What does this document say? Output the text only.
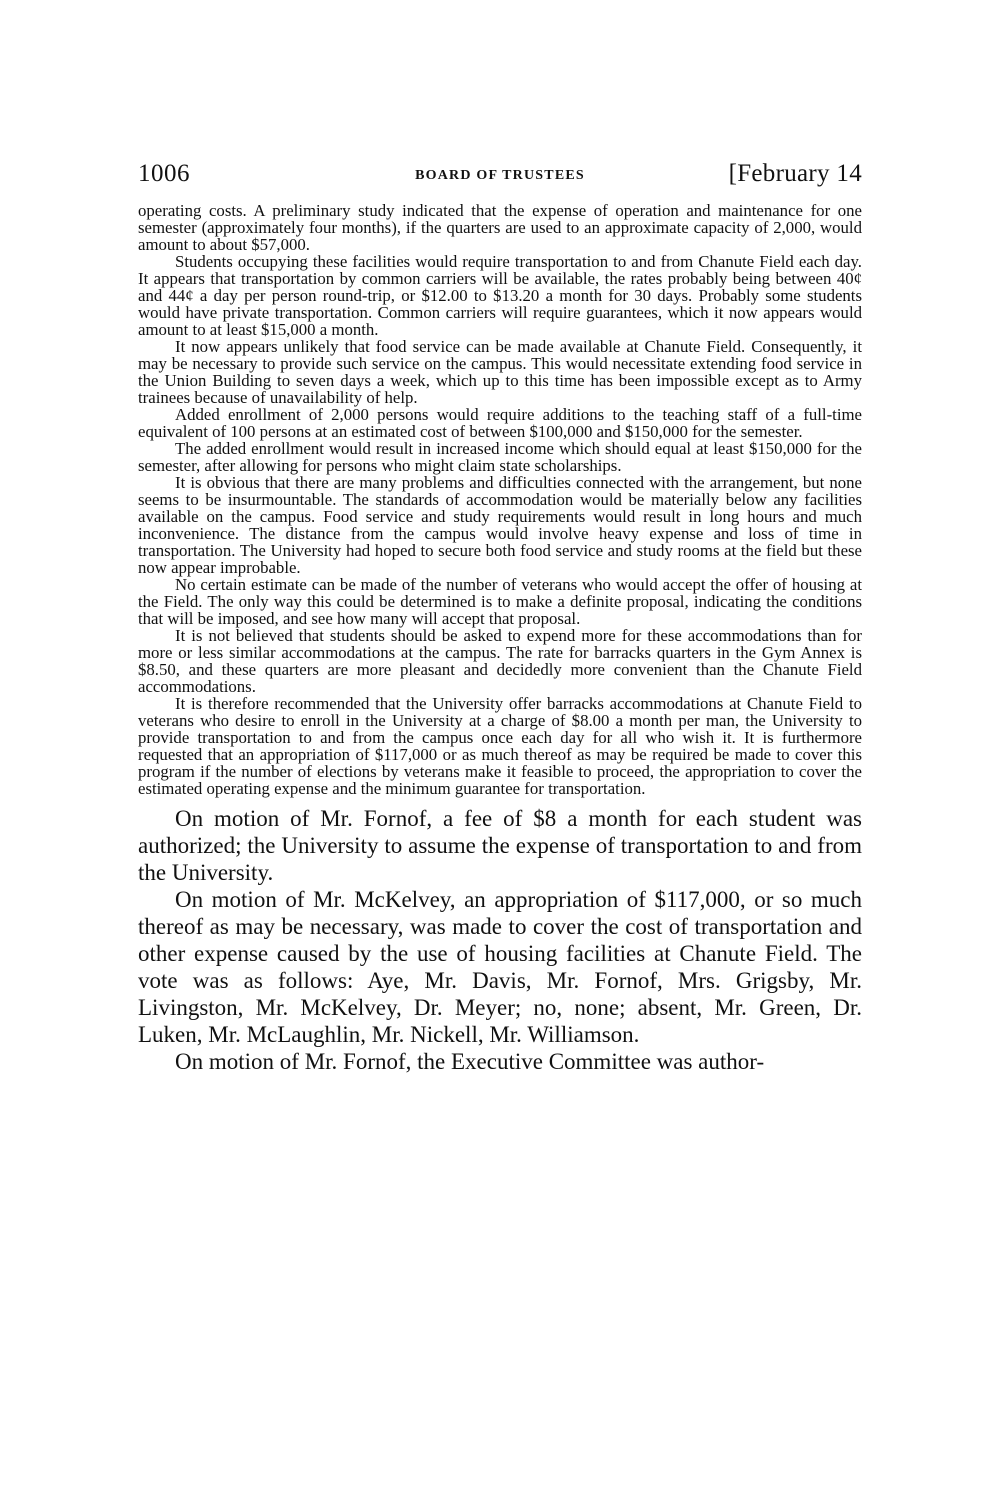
1006	BOARD OF TRUSTEES	[February 14

operating costs. A preliminary study indicated that the expense of operation and maintenance for one semester (approximately four months), if the quarters are used to an approximate capacity of 2,000, would amount to about $57,000.

Students occupying these facilities would require transportation to and from Chanute Field each day. It appears that transportation by common carriers will be available, the rates probably being between 40¢ and 44¢ a day per person round-trip, or $12.00 to $13.20 a month for 30 days. Probably some students would have private transportation. Common carriers will require guarantees, which it now appears would amount to at least $15,000 a month.

It now appears unlikely that food service can be made available at Chanute Field. Consequently, it may be necessary to provide such service on the campus. This would necessitate extending food service in the Union Building to seven days a week, which up to this time has been impossible except as to Army trainees because of unavailability of help.

Added enrollment of 2,000 persons would require additions to the teaching staff of a full-time equivalent of 100 persons at an estimated cost of between $100,000 and $150,000 for the semester.

The added enrollment would result in increased income which should equal at least $150,000 for the semester, after allowing for persons who might claim state scholarships.

It is obvious that there are many problems and difficulties connected with the arrangement, but none seems to be insurmountable. The standards of accommodation would be materially below any facilities available on the campus. Food service and study requirements would result in long hours and much inconvenience. The distance from the campus would involve heavy expense and loss of time in transportation. The University had hoped to secure both food service and study rooms at the field but these now appear improbable.

No certain estimate can be made of the number of veterans who would accept the offer of housing at the Field. The only way this could be determined is to make a definite proposal, indicating the conditions that will be imposed, and see how many will accept that proposal.

It is not believed that students should be asked to expend more for these accommodations than for more or less similar accommodations at the campus. The rate for barracks quarters in the Gym Annex is $8.50, and these quarters are more pleasant and decidedly more convenient than the Chanute Field accommodations.

It is therefore recommended that the University offer barracks accommodations at Chanute Field to veterans who desire to enroll in the University at a charge of $8.00 a month per man, the University to provide transportation to and from the campus once each day for all who wish it. It is furthermore requested that an appropriation of $117,000 or as much thereof as may be required be made to cover this program if the number of elections by veterans make it feasible to proceed, the appropriation to cover the estimated operating expense and the minimum guarantee for transportation.

On motion of Mr. Fornof, a fee of $8 a month for each student was authorized; the University to assume the expense of transportation to and from the University.

On motion of Mr. McKelvey, an appropriation of $117,000, or so much thereof as may be necessary, was made to cover the cost of transportation and other expense caused by the use of housing facilities at Chanute Field. The vote was as follows: Aye, Mr. Davis, Mr. Fornof, Mrs. Grigsby, Mr. Livingston, Mr. McKelvey, Dr. Meyer; no, none; absent, Mr. Green, Dr. Luken, Mr. McLaughlin, Mr. Nickell, Mr. Williamson.

On motion of Mr. Fornof, the Executive Committee was author-
